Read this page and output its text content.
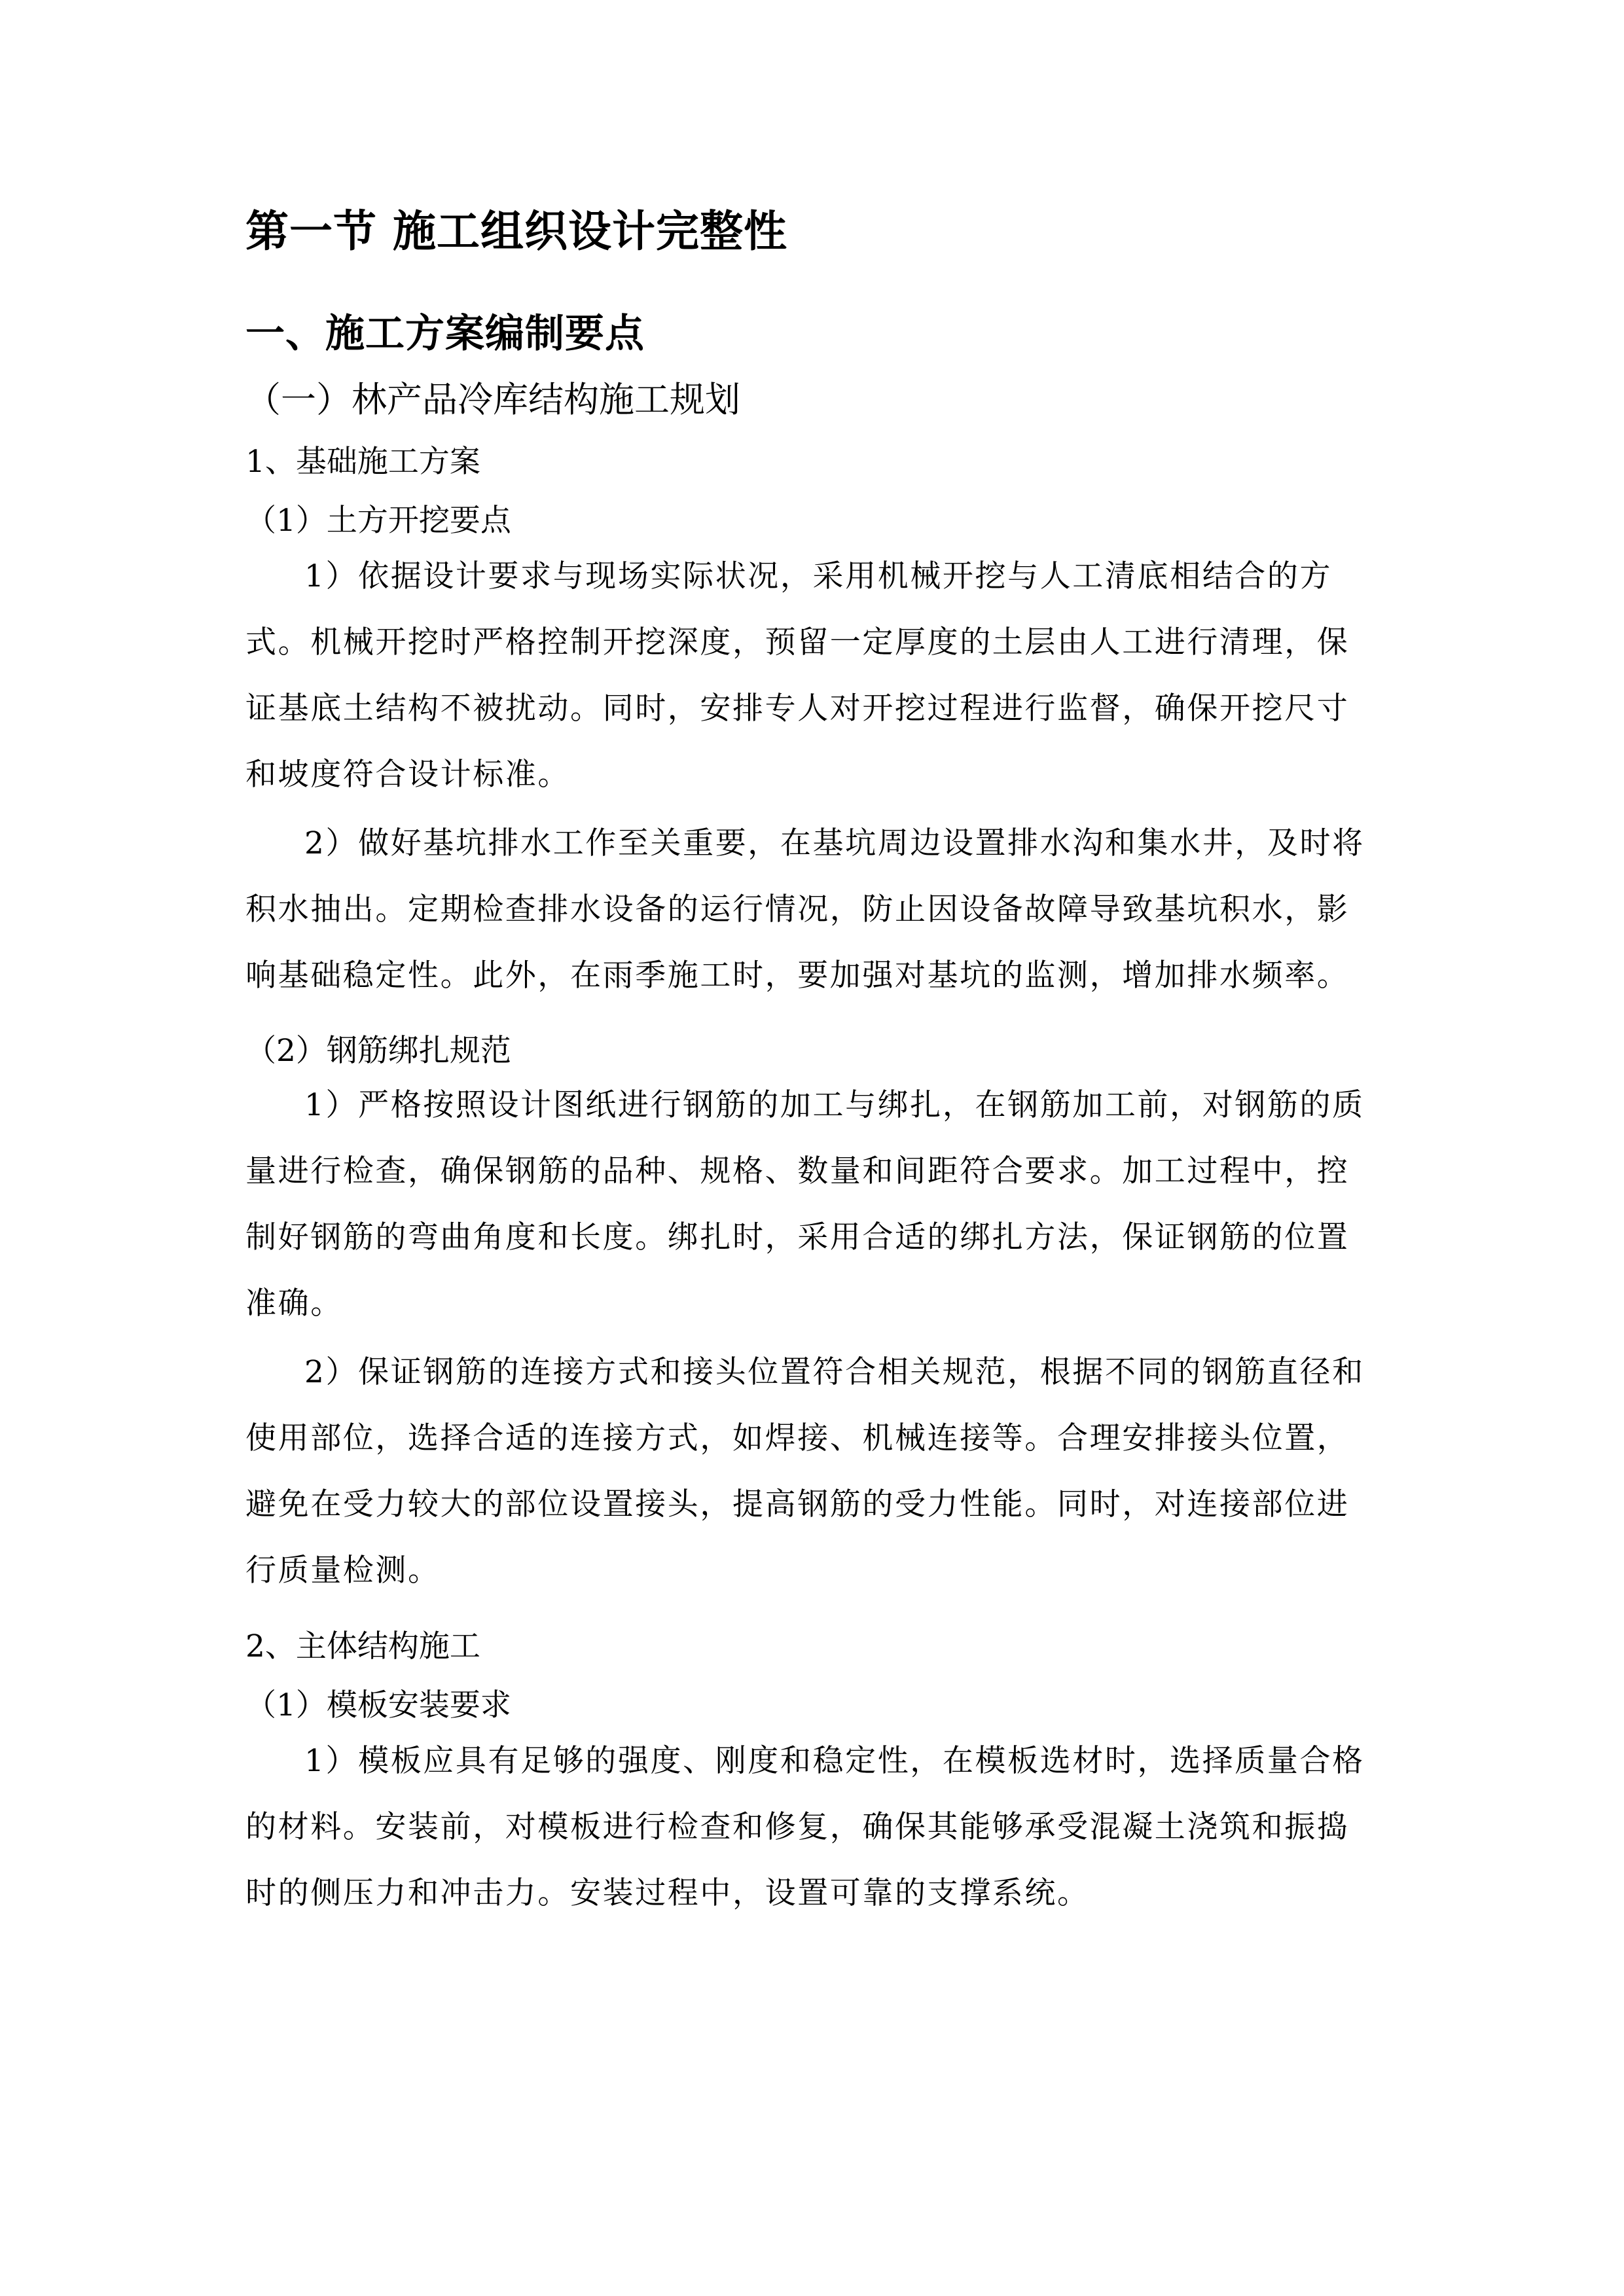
第一节 施工组织设计完整性
一、施工方案编制要点
（一）林产品冷库结构施工规划
1、基础施工方案
（1）土方开挖要点
1）依据设计要求与现场实际状况，采用机械开挖与人工清底相结合的方
式。机械开挖时严格控制开挖深度，预留一定厚度的土层由人工进行清理，保
证基底土结构不被扰动。同时，安排专人对开挖过程进行监督，确保开挖尺寸
和坡度符合设计标准。
2）做好基坑排水工作至关重要，在基坑周边设置排水沟和集水井，及时将
积水抽出。定期检查排水设备的运行情况，防止因设备故障导致基坑积水，影
响基础稳定性。此外，在雨季施工时，要加强对基坑的监测，增加排水频率。
（2）钢筋绑扎规范
1）严格按照设计图纸进行钢筋的加工与绑扎，在钢筋加工前，对钢筋的质
量进行检查，确保钢筋的品种、规格、数量和间距符合要求。加工过程中，控
制好钢筋的弯曲角度和长度。绑扎时，采用合适的绑扎方法，保证钢筋的位置
准确。
2）保证钢筋的连接方式和接头位置符合相关规范，根据不同的钢筋直径和
使用部位，选择合适的连接方式，如焊接、机械连接等。合理安排接头位置，
避免在受力较大的部位设置接头，提高钢筋的受力性能。同时，对连接部位进
行质量检测。
2、主体结构施工
（1）模板安装要求
1）模板应具有足够的强度、刚度和稳定性，在模板选材时，选择质量合格
的材料。安装前，对模板进行检查和修复，确保其能够承受混凝土浇筑和振捣
时的侧压力和冲击力。安装过程中，设置可靠的支撑系统。
